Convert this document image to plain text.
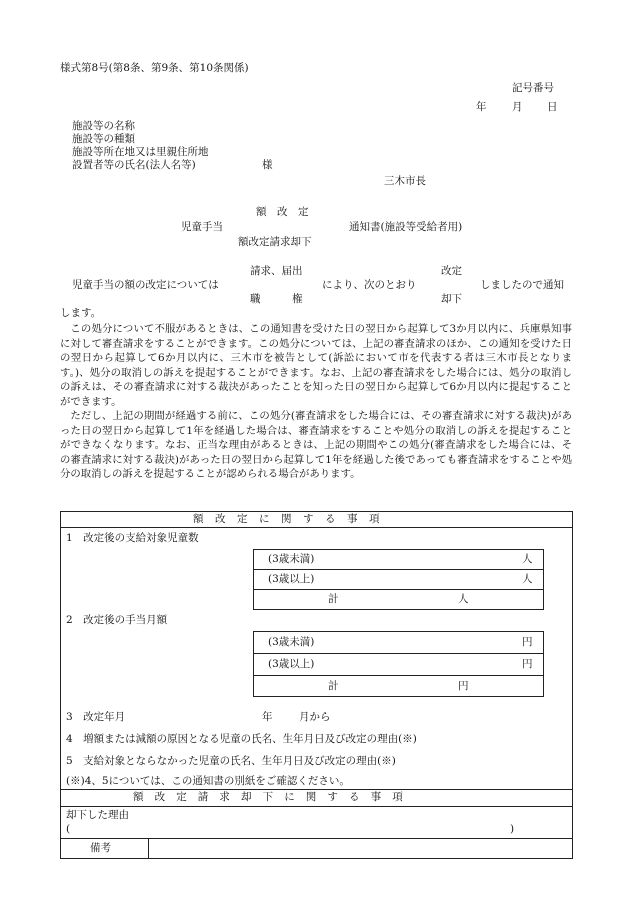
様式第8号(第8条、第9条、第10条関係)
記号番号
年 月 日
施設等の名称
施設等の種類
施設等所在地又は里親住所地
設置者等の氏名(法人名等)	様
三木市長
額　改　定
児童手当	通知書(施設等受給者用)
額改定請求却下
請求、届出	改定
児童手当の額の改定については	により、次のとおり	しましたので通知
職　　　権	却下
します。

この処分について不服があるときは、この通知書を受けた日の翌日から起算して3か月以内に、兵庫県知事に対して審査請求をすることができます。この処分については、上記の審査請求のほか、この通知を受けた日の翌日から起算して6か月以内に、三木市を被告として(訴訟において市を代表する者は三木市長となります。)、処分の取消しの訴えを提起することができます。なお、上記の審査請求をした場合には、処分の取消しの訴えは、その審査請求に対する裁決があったことを知った日の翌日から起算して6か月以内に提起することができます。

ただし、上記の期間が経過する前に、この処分(審査請求をした場合には、その審査請求に対する裁決)があった日の翌日から起算して1年を経過した場合は、審査請求をすることや処分の取消しの訴えを提起することができなくなります。なお、正当な理由があるときは、上記の期間やこの処分(審査請求をした場合には、その審査請求に対する裁決)があった日の翌日から起算して1年を経過した後であっても審査請求をすることや処分の取消しの訴えを提起することが認められる場合があります。

額　改　定　に　関　す　る　事　項
1　改定後の支給対象児童数
(3歳未満)	人
(3歳以上)	人
計	人
2　改定後の手当月額
(3歳未満)	円
(3歳以上)	円
計	円
3　改定年月	年	月から
4　増額または減額の原因となる児童の氏名、生年月日及び改定の理由(※)
5　支給対象とならなかった児童の氏名、生年月日及び改定の理由(※)
(※)4、5については、この通知書の別紙をご確認ください。
額　改　定　請　求　却　下　に　関　す　る　事　項
却下した理由
(	)
備考
